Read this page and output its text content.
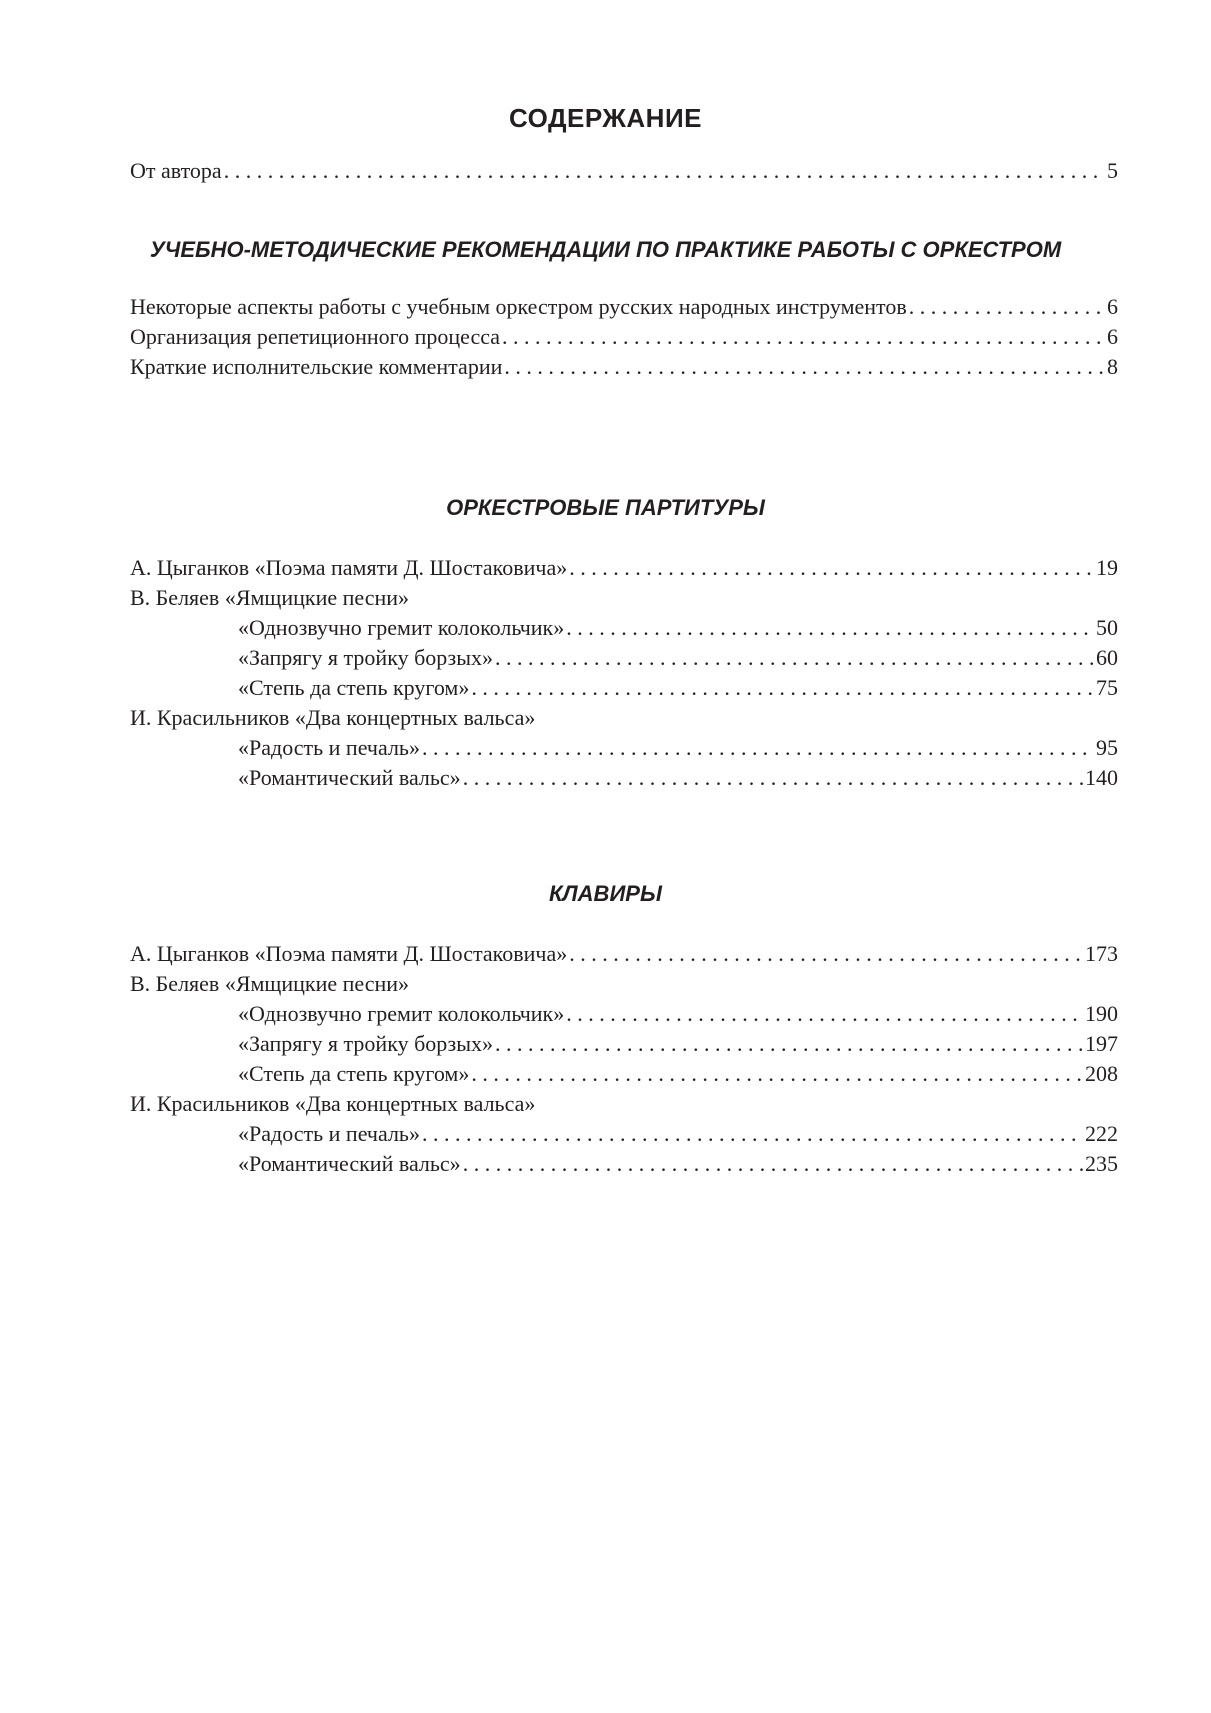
СОДЕРЖАНИЕ
От автора . . .	5
УЧЕБНО-МЕТОДИЧЕСКИЕ РЕКОМЕНДАЦИИ ПО ПРАКТИКЕ РАБОТЫ С ОРКЕСТРОМ
Некоторые аспекты работы с учебным оркестром русских народных инструментов . . .	6
Организация репетиционного процесса . . .	6
Краткие исполнительские комментарии . . .	8
ОРКЕСТРОВЫЕ ПАРТИТУРЫ
А. Цыганков «Поэма памяти Д. Шостаковича» . . .	19
В. Беляев «Ямщицкие песни»
«Однозвучно гремит колокольчик» . . .	50
«Запрягу я тройку борзых» . . .	60
«Степь да степь кругом» . . .	75
И. Красильников «Два концертных вальса»
«Радость и печаль» . . .	95
«Романтический вальс» . . .	140
КЛАВИРЫ
А. Цыганков «Поэма памяти Д. Шостаковича» . . .	173
В. Беляев «Ямщицкие песни»
«Однозвучно гремит колокольчик» . . .	190
«Запрягу я тройку борзых» . . .	197
«Степь да степь кругом» . . .	208
И. Красильников «Два концертных вальса»
«Радость и печаль» . . .	222
«Романтический вальс» . . .	235
